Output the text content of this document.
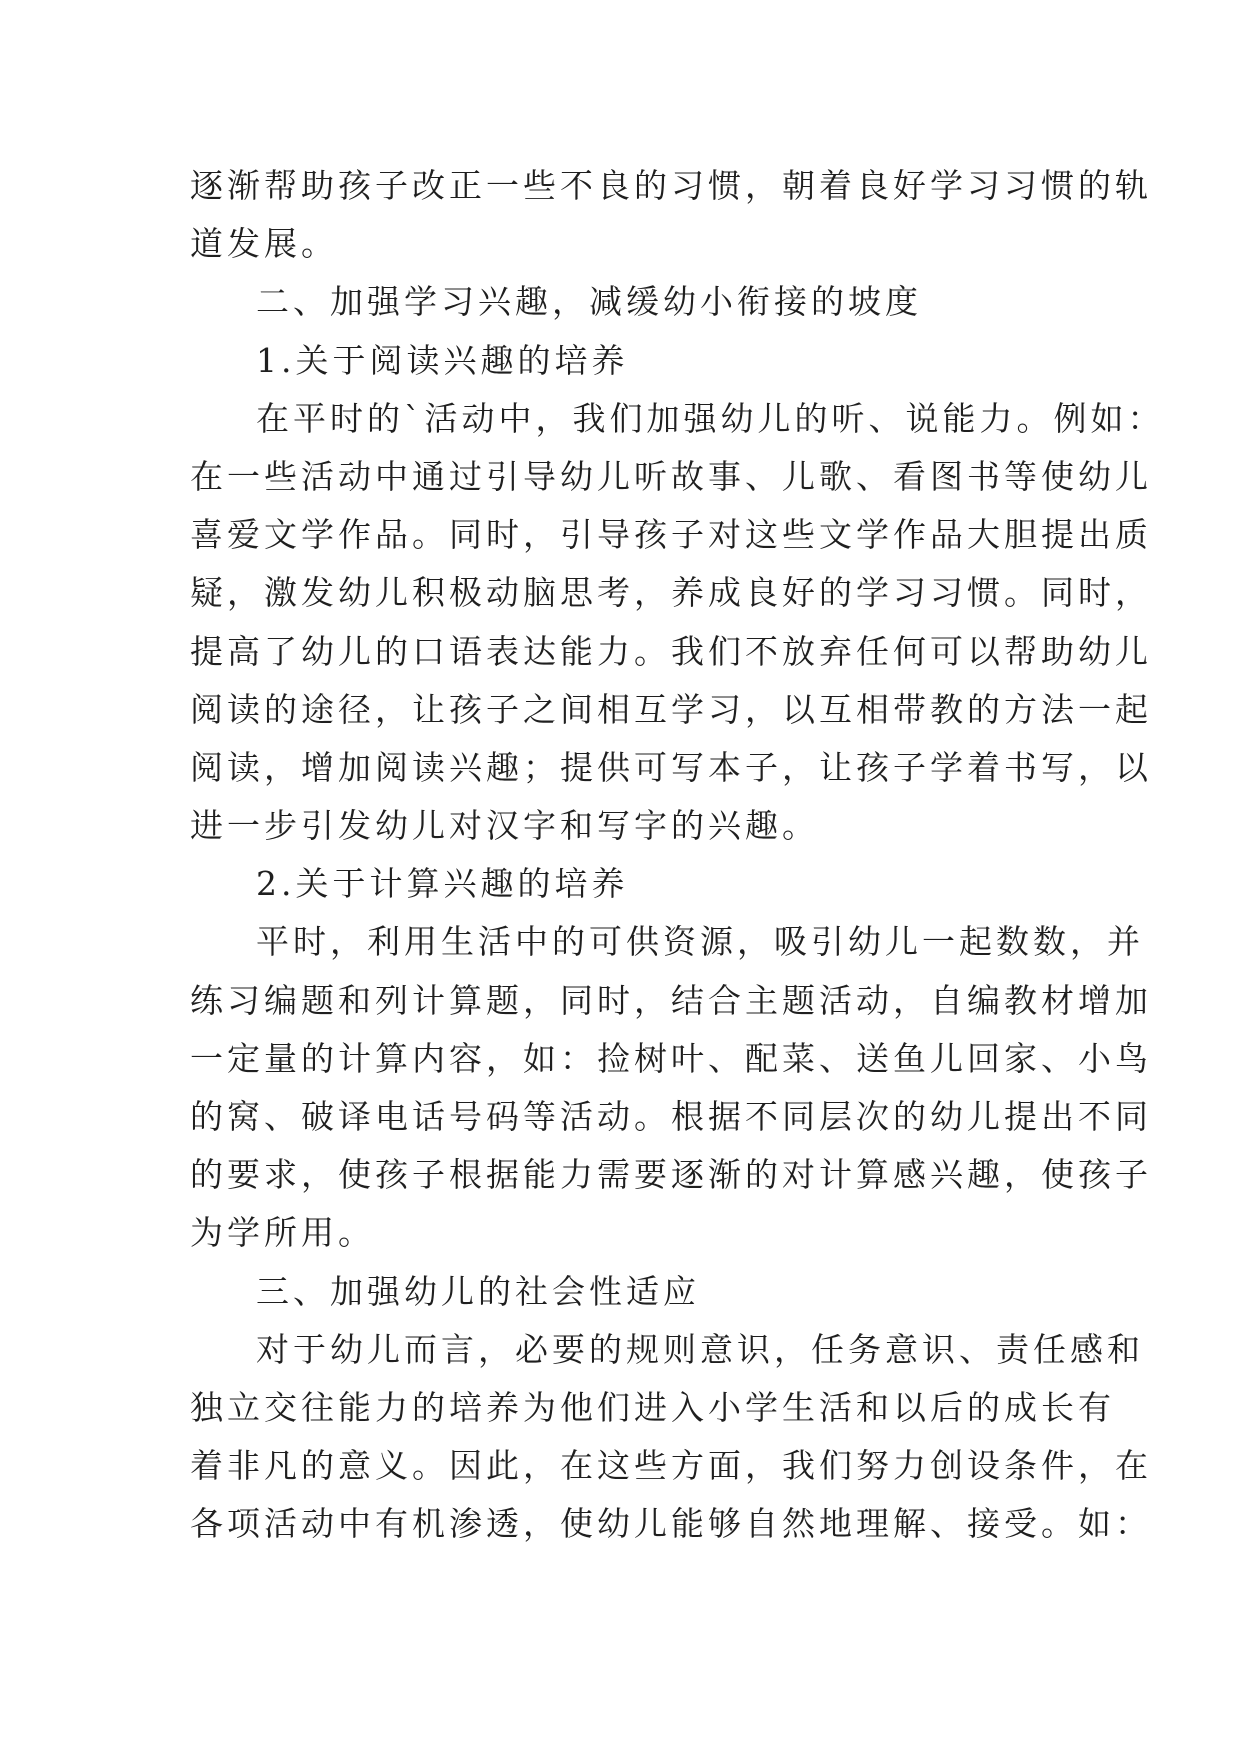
逐渐帮助孩子改正一些不良的习惯，朝着良好学习习惯的轨
道发展。
二、加强学习兴趣，减缓幼小衔接的坡度
1.关于阅读兴趣的培养
在平时的`活动中，我们加强幼儿的听、说能力。例如：
在一些活动中通过引导幼儿听故事、儿歌、看图书等使幼儿
喜爱文学作品。同时，引导孩子对这些文学作品大胆提出质
疑，激发幼儿积极动脑思考，养成良好的学习习惯。同时，
提高了幼儿的口语表达能力。我们不放弃任何可以帮助幼儿
阅读的途径，让孩子之间相互学习，以互相带教的方法一起
阅读，增加阅读兴趣；提供可写本子，让孩子学着书写，以
进一步引发幼儿对汉字和写字的兴趣。
2.关于计算兴趣的培养
平时，利用生活中的可供资源，吸引幼儿一起数数，并
练习编题和列计算题，同时，结合主题活动，自编教材增加
一定量的计算内容，如：捡树叶、配菜、送鱼儿回家、小鸟
的窝、破译电话号码等活动。根据不同层次的幼儿提出不同
的要求，使孩子根据能力需要逐渐的对计算感兴趣，使孩子
为学所用。
三、加强幼儿的社会性适应
对于幼儿而言，必要的规则意识，任务意识、责任感和
独立交往能力的培养为他们进入小学生活和以后的成长有
着非凡的意义。因此，在这些方面，我们努力创设条件，在
各项活动中有机渗透，使幼儿能够自然地理解、接受。如：
